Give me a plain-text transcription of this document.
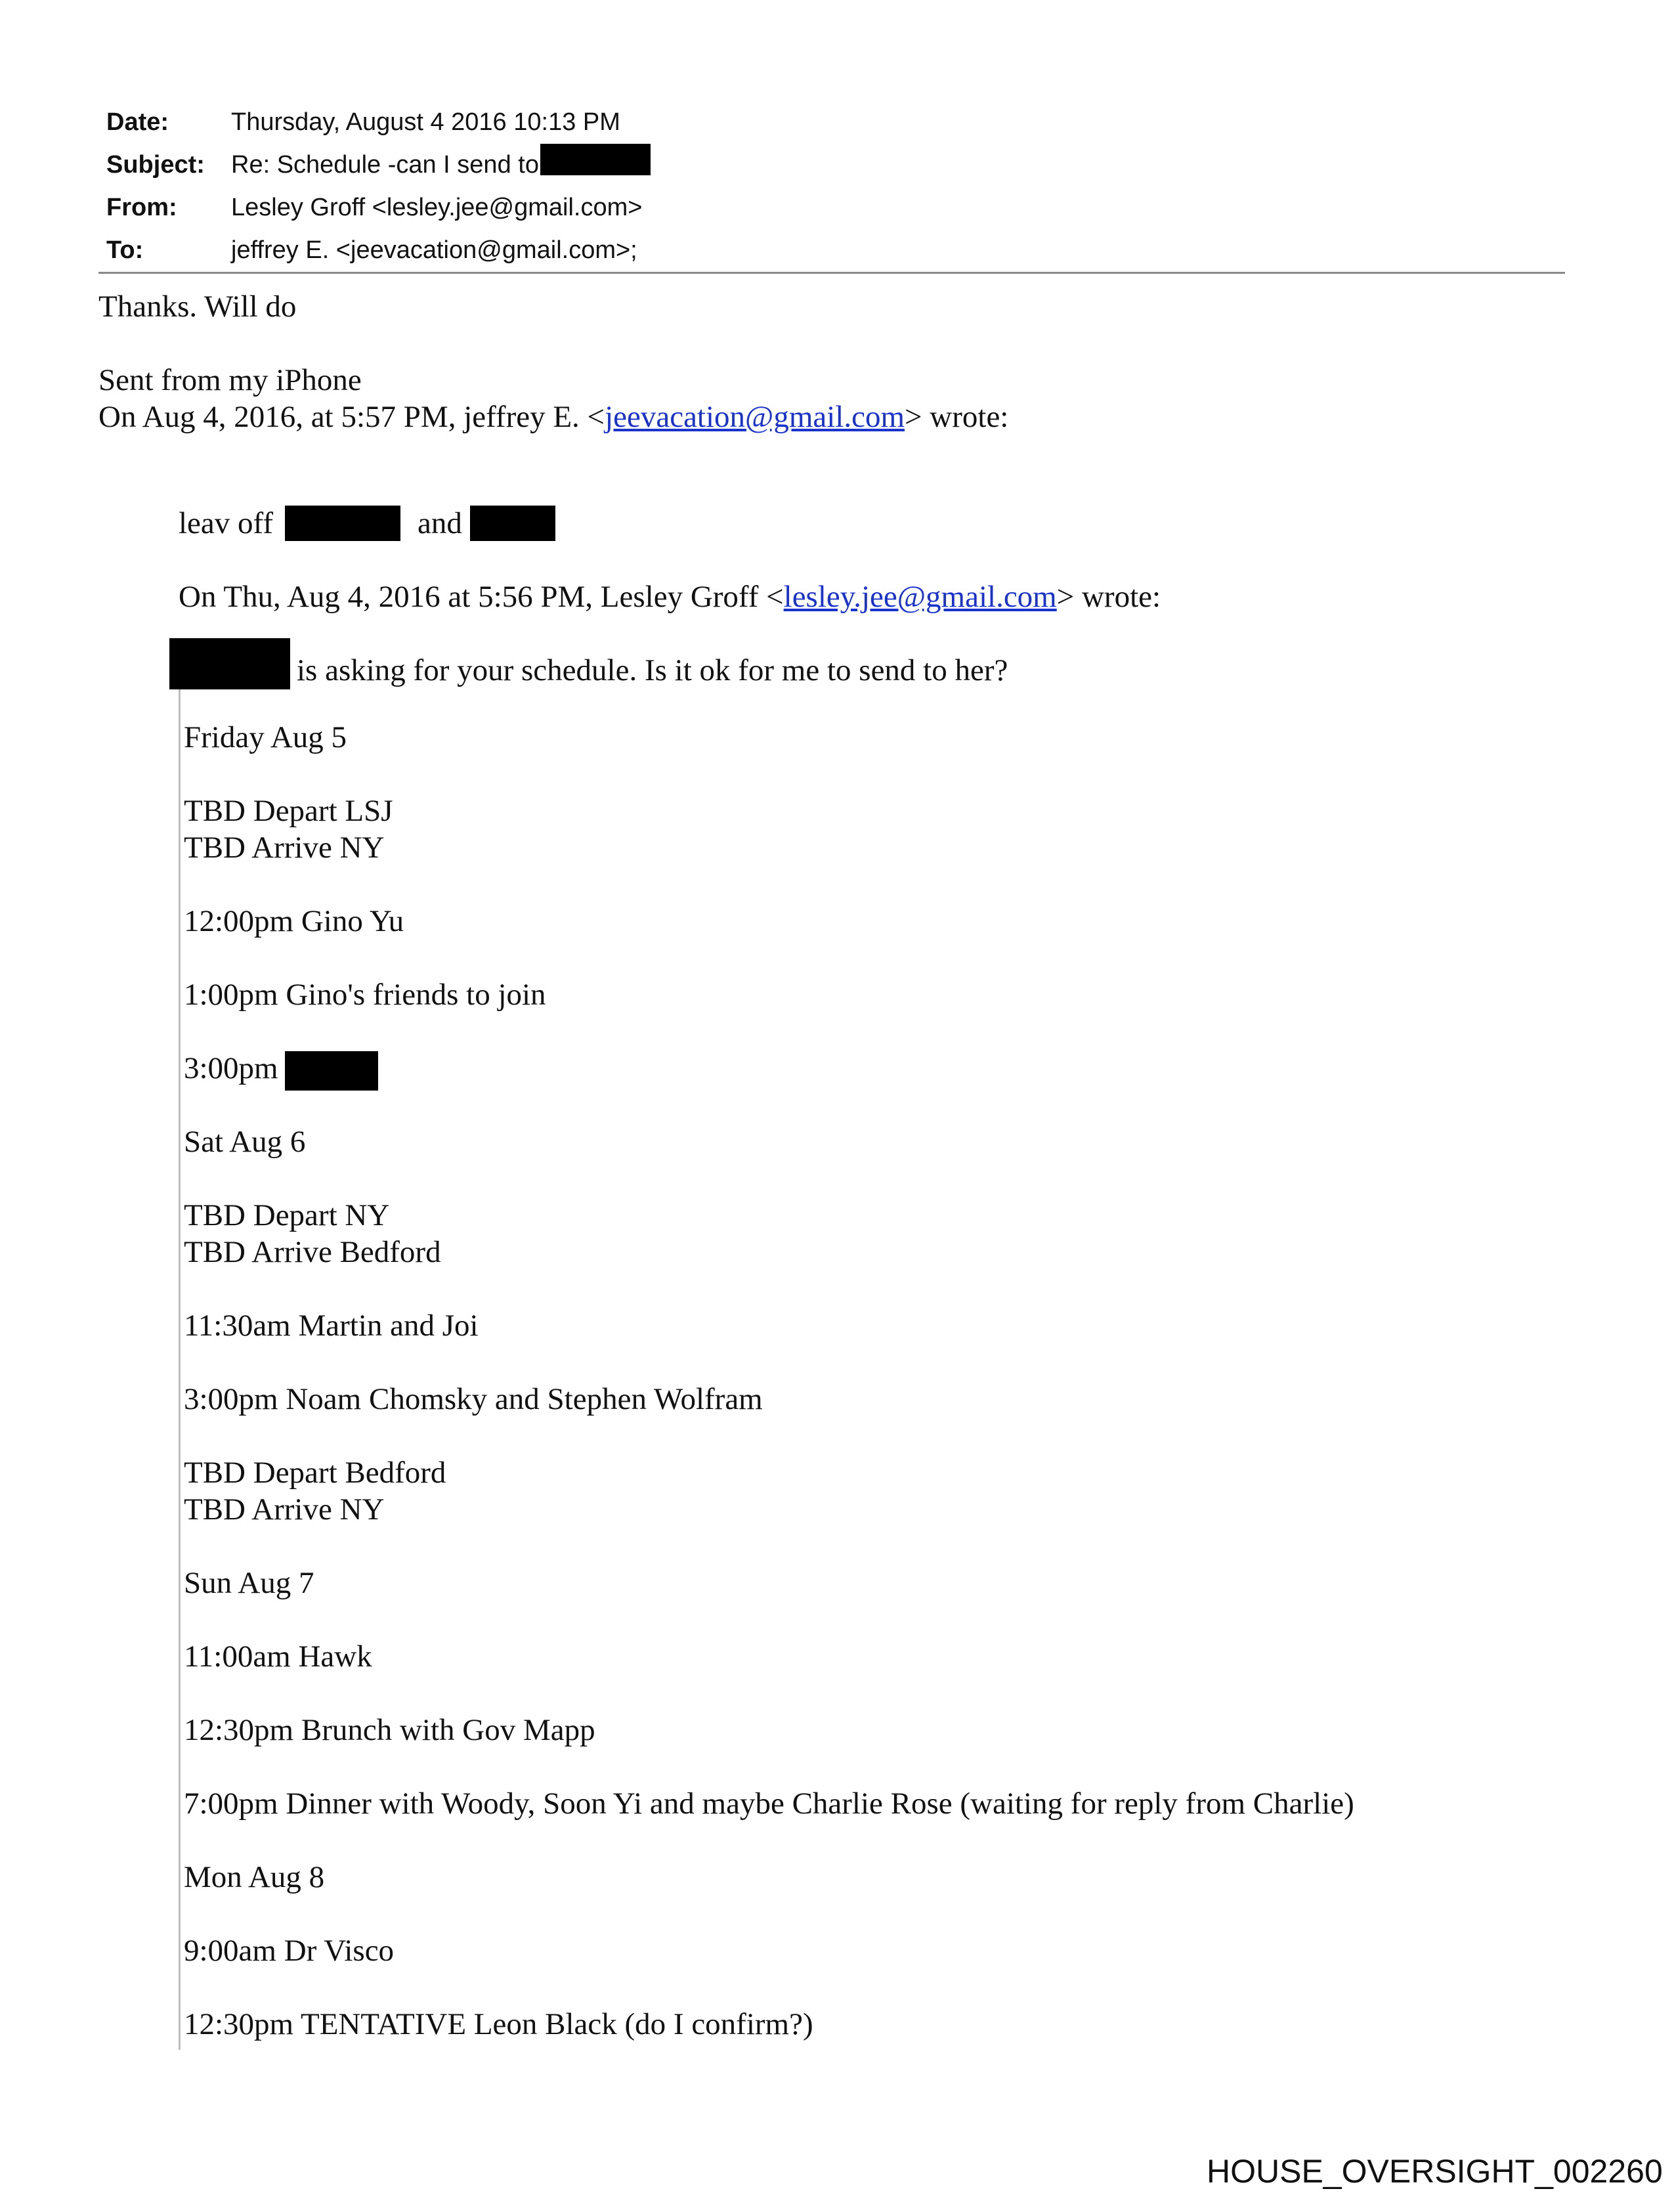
Date:	Thursday, August 4 2016 10:13 PM
Subject:	Re: Schedule -can I send to
From:	Lesley Groff <lesley.jee@gmail.com>
To:	jeffrey E. <jeevacation@gmail.com>;
Thanks. Will do
Sent from my iPhone
On Aug 4, 2016, at 5:57 PM, jeffrey E. <jeevacation@gmail.com> wrote:
leav off	and
On Thu, Aug 4, 2016 at 5:56 PM, Lesley Groff <lesley.jee@gmail.com> wrote:
is asking for your schedule. Is it ok for me to send to her?
Friday Aug 5
TBD Depart LSJ
TBD Arrive NY
12:00pm Gino Yu
1:00pm Gino's friends to join
3:00pm
Sat Aug 6
TBD Depart NY
TBD Arrive Bedford
11:30am Martin and Joi
3:00pm Noam Chomsky and Stephen Wolfram
TBD Depart Bedford
TBD Arrive NY
Sun Aug 7
11:00am Hawk
12:30pm Brunch with Gov Mapp
7:00pm Dinner with Woody, Soon Yi and maybe Charlie Rose (waiting for reply from Charlie)
Mon Aug 8
9:00am Dr Visco
12:30pm TENTATIVE Leon Black (do I confirm?)
HOUSE_OVERSIGHT_002260
